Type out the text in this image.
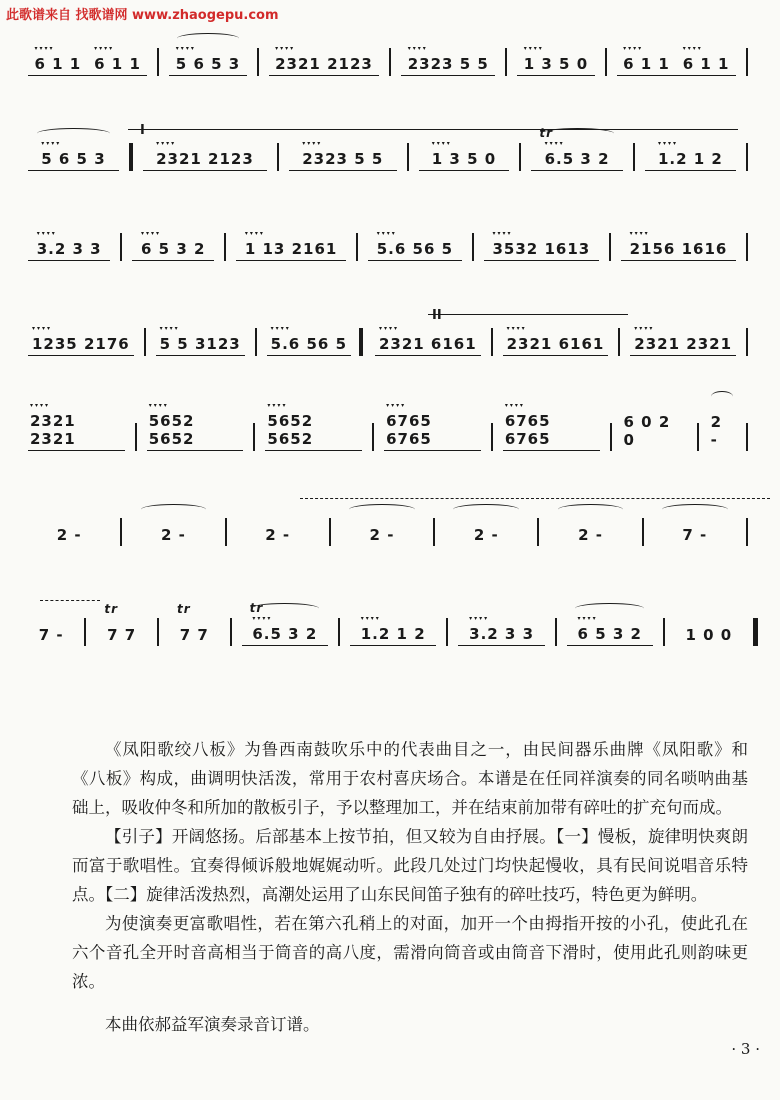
此歌谱来自 找歌谱网 www.zhaogepu.com
▾▾▾▾ 6 1 1 ▾▾▾▾ 6 1 1 ▾▾▾▾ 5 6 5 3 ▾▾▾▾ 2321 2123 ▾▾▾▾ 2323 5 5 ▾▾▾▾ 1 3 5 0 ▾▾▾▾ 6 1 1 ▾▾▾▾ 6 1 1
I
▾▾▾▾ 5 6 5 3	▾▾▾▾ 2321 2123	▾▾▾▾ 2323 5 5	▾▾▾▾ 1 3 5 0
tr
▾▾▾▾ 6.5 3 2	▾▾▾▾ 1.2 1 2
▾▾▾▾ 3.2 3 3	▾▾▾▾ 6 5 3 2	▾▾▾▾ 1 13 2161	▾▾▾▾ 5.6 56 5	▾▾▾▾ 3532 1613	▾▾▾▾ 2156 1616
II
▾▾▾▾ 1235 2176 ▾▾▾▾ 5 5 3123 ▾▾▾▾ 5.6 56 5 ▾▾▾▾ 2321 6161 ▾▾▾▾ 2321 6161 ▾▾▾▾ 2321 2321
▾▾▾▾ 2321 2321
▾▾▾▾ 5652 5652
▾▾▾▾ 5652 5652
▾▾▾▾ 6765 6765
▾▾▾▾ 6765 6765
6 0 2 0
2 -
2 -	2 -	2 -	2 -	2 -	2 -	7 -
7 -
tr
7 7
tr
7 7
tr
▾▾▾▾ 6.5 3 2	▾▾▾▾ 1.2 1 2	▾▾▾▾ 3.2 3 3	▾▾▾▾ 6 5 3 2	1 0 0

《凤阳歌绞八板》为鲁西南鼓吹乐中的代表曲目之一，由民间器乐曲牌《凤阳歌》和《八板》构成，曲调明快活泼，常用于农村喜庆场合。本谱是在任同祥演奏的同名唢呐曲基础上，吸收仲冬和所加的散板引子，予以整理加工，并在结束前加带有碎吐的扩充句而成。

【引子】开阔悠扬。后部基本上按节拍，但又较为自由抒展。【一】慢板，旋律明快爽朗而富于歌唱性。宜奏得倾诉般地娓娓动听。此段几处过门均快起慢收，具有民间说唱音乐特点。【二】旋律活泼热烈，高潮处运用了山东民间笛子独有的碎吐技巧，特色更为鲜明。

为使演奏更富歌唱性，若在第六孔稍上的对面，加开一个由拇指开按的小孔，使此孔在六个音孔全开时音高相当于筒音的高八度，需滑向筒音或由筒音下滑时，使用此孔则韵味更浓。

本曲依郝益军演奏录音订谱。

· 3 ·
